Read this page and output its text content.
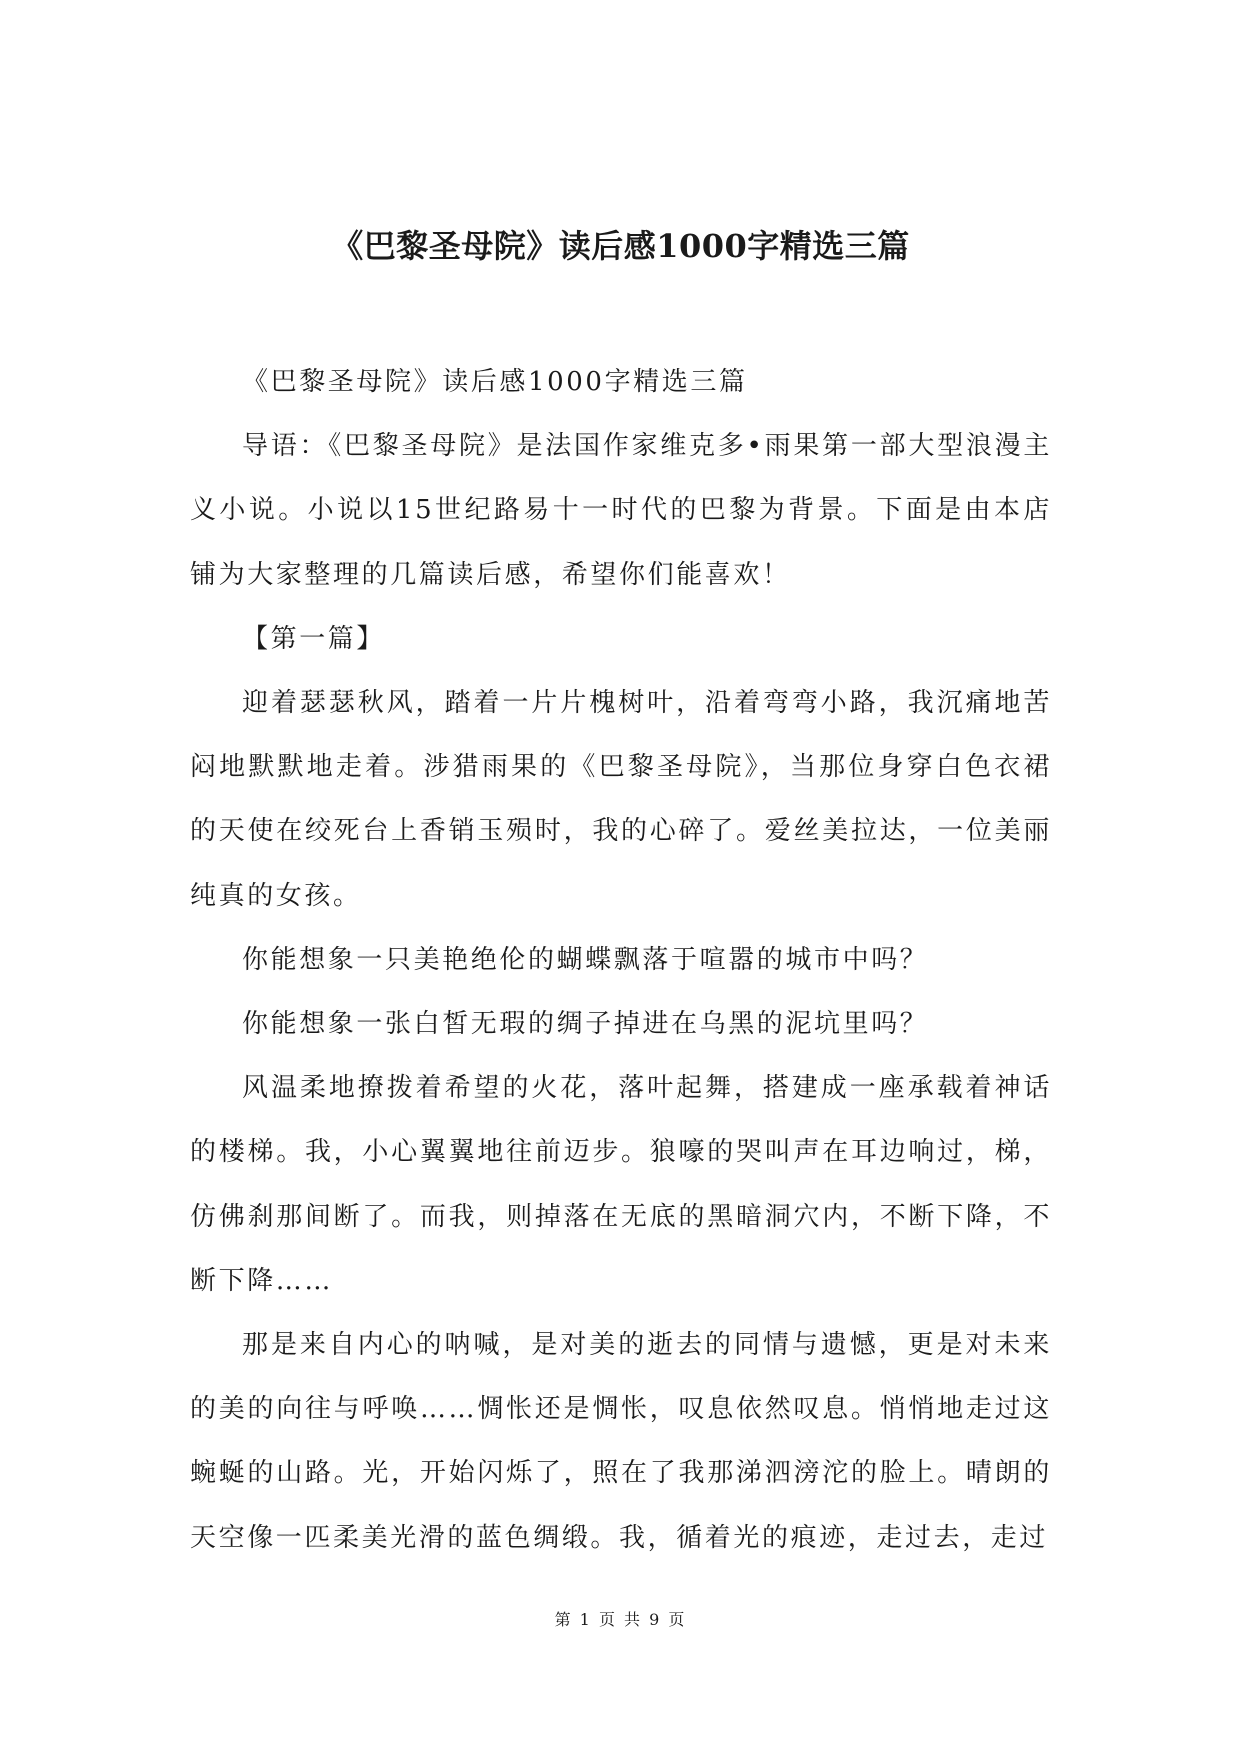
《巴黎圣母院》读后感1000字精选三篇

《巴黎圣母院》读后感1000字精选三篇

导语：《巴黎圣母院》是法国作家维克多•雨果第一部大型浪漫主义小说。小说以15世纪路易十一时代的巴黎为背景。下面是由本店铺为大家整理的几篇读后感，希望你们能喜欢！

【第一篇】

迎着瑟瑟秋风，踏着一片片槐树叶，沿着弯弯小路，我沉痛地苦闷地默默地走着。涉猎雨果的《巴黎圣母院》，当那位身穿白色衣裙的天使在绞死台上香销玉殒时，我的心碎了。爱丝美拉达，一位美丽纯真的女孩。

你能想象一只美艳绝伦的蝴蝶飘落于喧嚣的城市中吗？

你能想象一张白皙无瑕的绸子掉进在乌黑的泥坑里吗？

风温柔地撩拨着希望的火花，落叶起舞，搭建成一座承载着神话的楼梯。我，小心翼翼地往前迈步。狼嚎的哭叫声在耳边响过，梯，仿佛刹那间断了。而我，则掉落在无底的黑暗洞穴内，不断下降，不断下降……

那是来自内心的呐喊，是对美的逝去的同情与遗憾，更是对未来的美的向往与呼唤……惆怅还是惆怅，叹息依然叹息。悄悄地走过这蜿蜒的山路。光，开始闪烁了，照在了我那涕泗滂沱的脸上。晴朗的天空像一匹柔美光滑的蓝色绸缎。我，循着光的痕迹，走过去，走过

第 1 页 共 9 页
